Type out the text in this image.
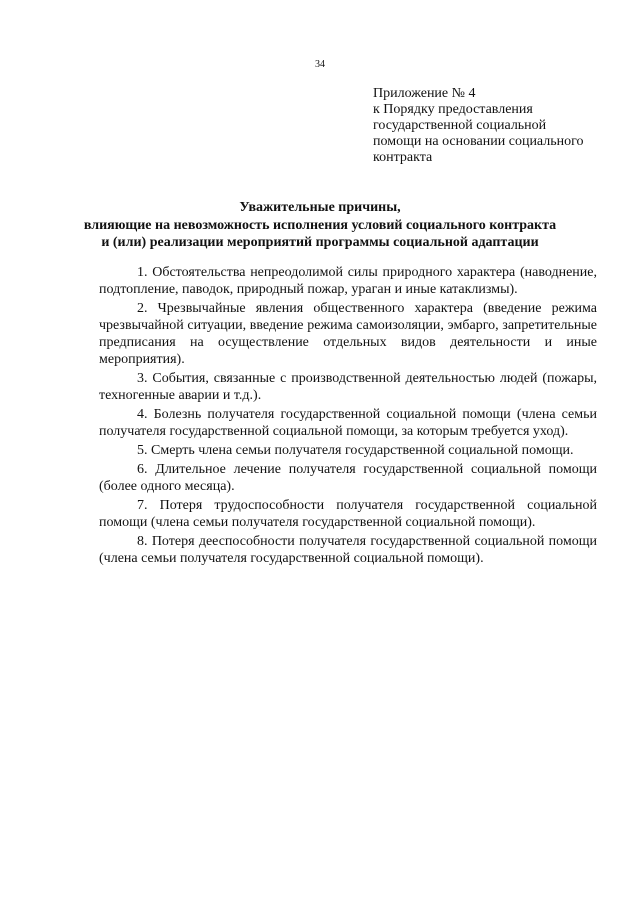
34
Приложение № 4
к Порядку предоставления
государственной социальной
помощи на основании социального
контракта
Уважительные причины,
влияющие на невозможность исполнения условий социального контракта
и (или) реализации мероприятий программы социальной адаптации

1. Обстоятельства непреодолимой силы природного характера (наводнение, подтопление, паводок, природный пожар, ураган и иные катаклизмы).

2. Чрезвычайные явления общественного характера (введение режима чрезвычайной ситуации, введение режима самоизоляции, эмбарго, запретительные предписания на осуществление отдельных видов деятельности и иные мероприятия).

3. События, связанные с производственной деятельностью людей (пожары, техногенные аварии и т.д.).

4. Болезнь получателя государственной социальной помощи (члена семьи получателя государственной социальной помощи, за которым требуется уход).

5. Смерть члена семьи получателя государственной социальной помощи.

6. Длительное лечение получателя государственной социальной помощи (более одного месяца).

7. Потеря трудоспособности получателя государственной социальной помощи (члена семьи получателя государственной социальной помощи).

8. Потеря дееспособности получателя государственной социальной помощи (члена семьи получателя государственной социальной помощи).
